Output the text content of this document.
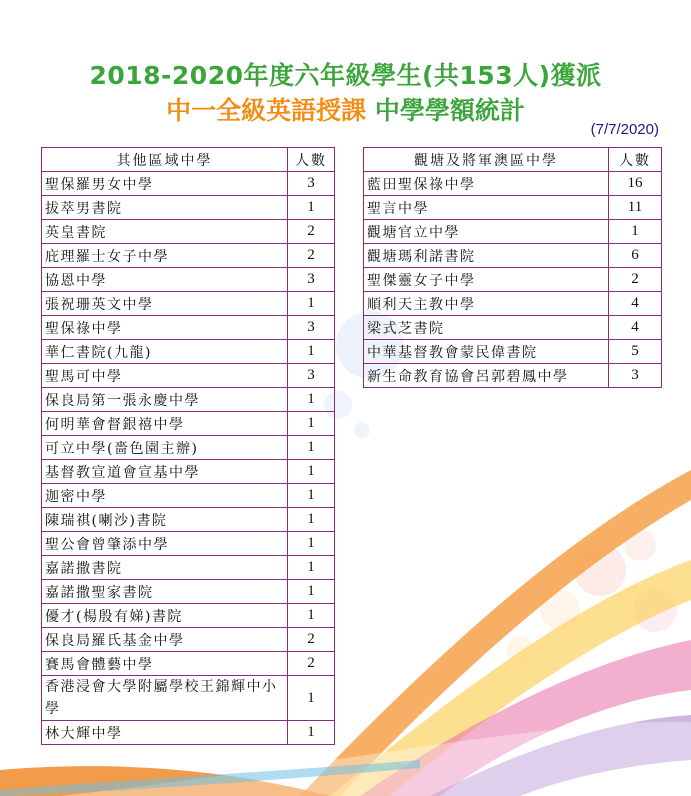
2018-2020年度六年級學生(共153人)獲派
中一全級英語授課 中學學額統計
(7/7/2020)
其他區域中學	人數
聖保羅男女中學	3
拔萃男書院	1
英皇書院	2
庇理羅士女子中學	2
協恩中學	3
張祝珊英文中學	1
聖保祿中學	3
華仁書院(九龍)	1
聖馬可中學	3
保良局第一張永慶中學	1
何明華會督銀禧中學	1
可立中學(嗇色園主辦)	1
基督教宣道會宣基中學	1
迦密中學	1
陳瑞祺(喇沙)書院	1
聖公會曾肇添中學	1
嘉諾撒書院	1
嘉諾撒聖家書院	1
優才(楊殷有娣)書院	1
保良局羅氏基金中學	2
賽馬會體藝中學	2
香港浸會大學附屬學校王錦輝中小學	1
林大輝中學	1
觀塘及將軍澳區中學	人數
藍田聖保祿中學	16
聖言中學	11
觀塘官立中學	1
觀塘瑪利諾書院	6
聖傑靈女子中學	2
順利天主教中學	4
梁式芝書院	4
中華基督教會蒙民偉書院	5
新生命教育協會呂郭碧鳳中學	3
